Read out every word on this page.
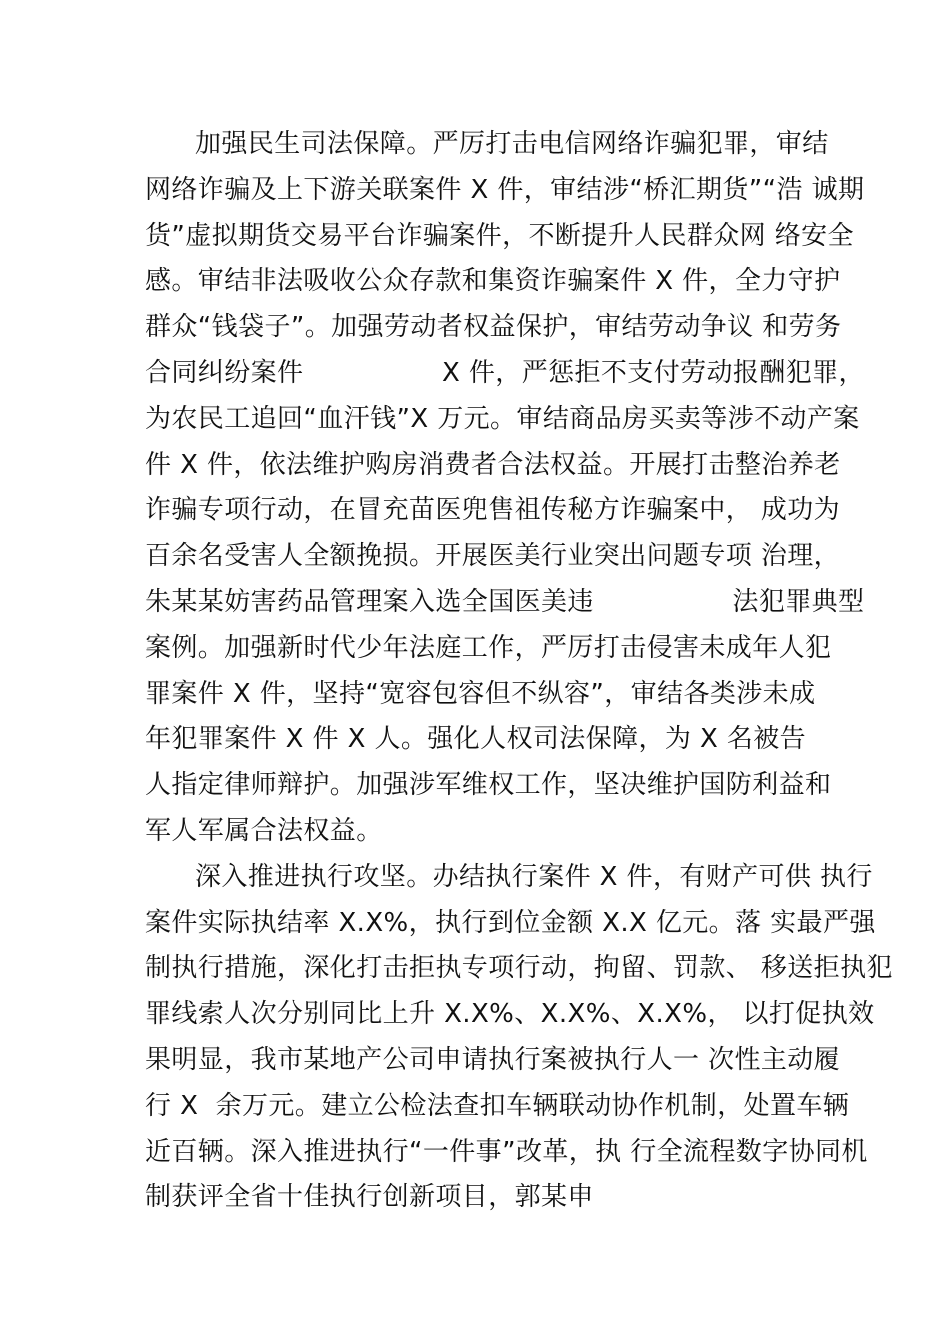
加强民生司法保障。严厉打击电信网络诈骗犯罪，审结
网络诈骗及上下游关联案件 X 件，审结涉“桥汇期货”“浩 诚期
货”虚拟期货交易平台诈骗案件，不断提升人民群众网 络安全
感。审结非法吸收公众存款和集资诈骗案件 X 件，全力守护
群众“钱袋子”。加强劳动者权益保护，审结劳动争议 和劳务
合同纠纷案件                X 件，严惩拒不支付劳动报酬犯罪，
为农民工追回“血汗钱”X 万元。审结商品房买卖等涉不动产案
件 X 件，依法维护购房消费者合法权益。开展打击整治养老
诈骗专项行动，在冒充苗医兜售祖传秘方诈骗案中， 成功为
百余名受害人全额挽损。开展医美行业突出问题专项 治理，
朱某某妨害药品管理案入选全国医美违                法犯罪典型
案例。加强新时代少年法庭工作，严厉打击侵害未成年人犯
罪案件 X 件，坚持“宽容包容但不纵容”，审结各类涉未成
年犯罪案件 X 件 X 人。强化人权司法保障，为 X 名被告
人指定律师辩护。加强涉军维权工作，坚决维护国防利益和
军人军属合法权益。
深入推进执行攻坚。办结执行案件 X 件，有财产可供 执行
案件实际执结率 X.X%，执行到位金额 X.X 亿元。落 实最严强
制执行措施，深化打击拒执专项行动，拘留、罚款、 移送拒执犯
罪线索人次分别同比上升 X.X%、X.X%、X.X%， 以打促执效
果明显，我市某地产公司申请执行案被执行人一 次性主动履
行 X  余万元。建立公检法查扣车辆联动协作机制，处置车辆
近百辆。深入推进执行“一件事”改革，执 行全流程数字协同机
制获评全省十佳执行创新项目，郭某申
